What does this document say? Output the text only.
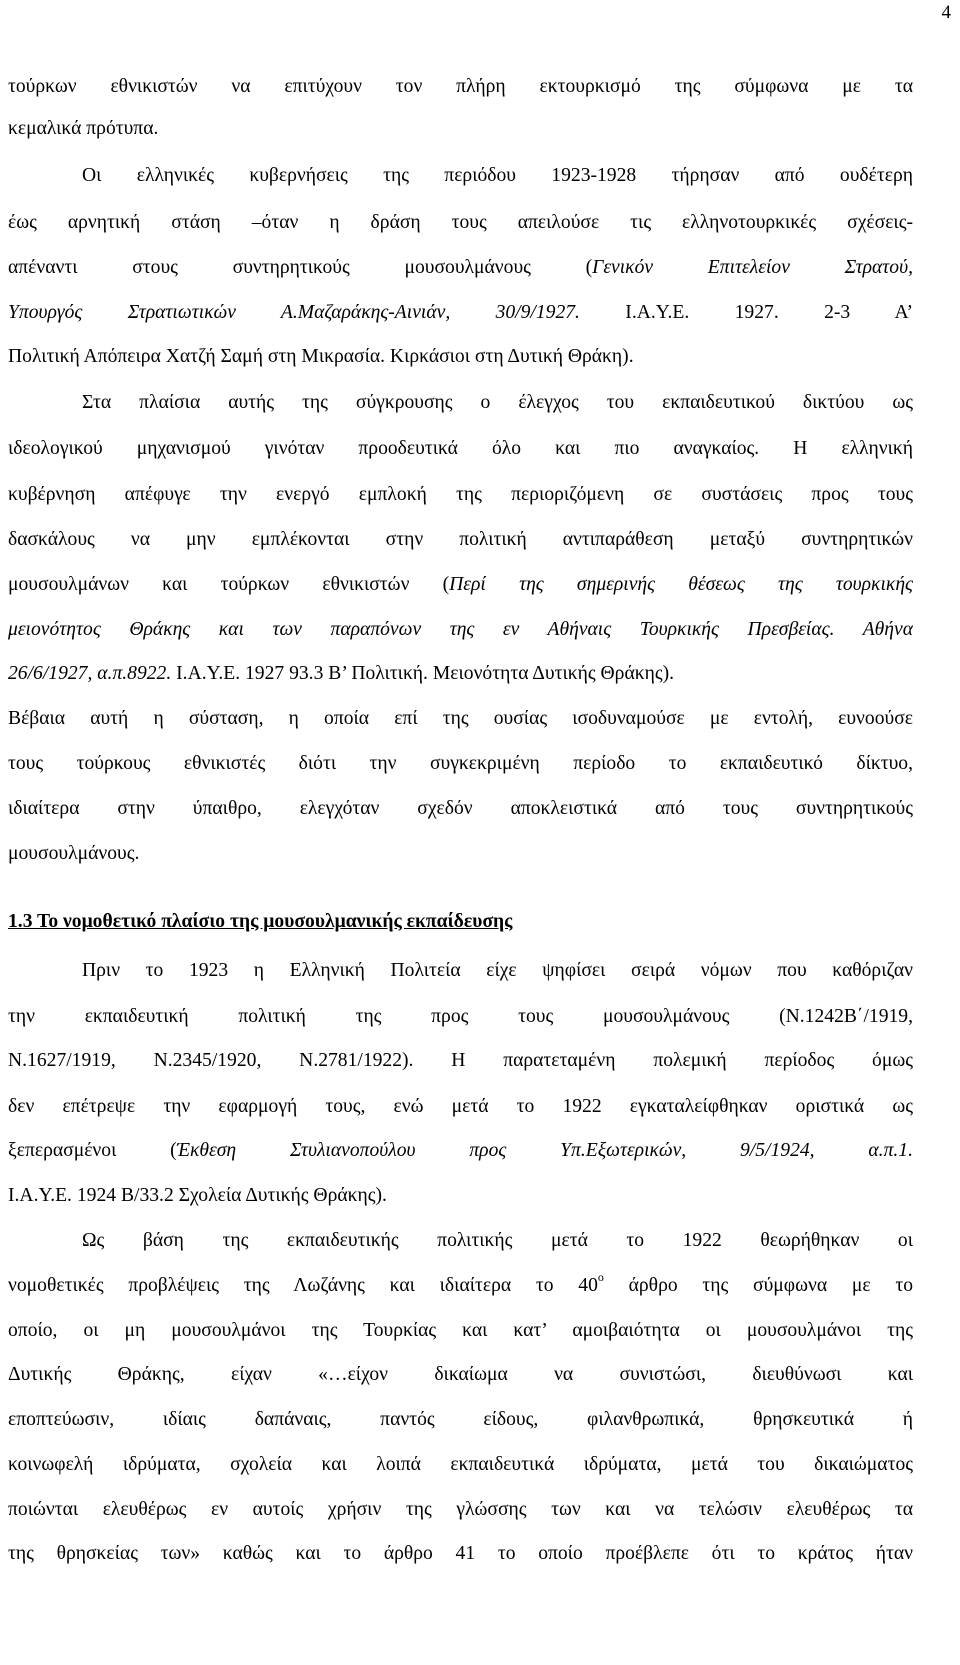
4
τούρκων εθνικιστών να επιτύχουν τον πλήρη εκτουρκισμό της σύμφωνα με τα
κεμαλικά πρότυπα.
Οι ελληνικές κυβερνήσεις της περιόδου 1923-1928 τήρησαν από ουδέτερη
έως αρνητική στάση –όταν η δράση τους απειλούσε τις ελληνοτουρκικές σχέσεις-
απέναντι στους συντηρητικούς μουσουλμάνους (Γενικόν Επιτελείον Στρατού,
Υπουργός Στρατιωτικών Α.Μαζαράκης-Αινιάν, 30/9/1927. Ι.Α.Υ.Ε. 1927. 2-3 Α’
Πολιτική Απόπειρα Χατζή Σαμή στη Μικρασία. Κιρκάσιοι στη Δυτική Θράκη).
Στα πλαίσια αυτής της σύγκρουσης ο έλεγχος του εκπαιδευτικού δικτύου ως
ιδεολογικού μηχανισμού γινόταν προοδευτικά όλο και πιο αναγκαίος. Η ελληνική
κυβέρνηση απέφυγε την ενεργό εμπλοκή της περιοριζόμενη σε συστάσεις προς τους
δασκάλους να μην εμπλέκονται στην πολιτική αντιπαράθεση μεταξύ συντηρητικών
μουσουλμάνων και τούρκων εθνικιστών (Περί της σημερινής θέσεως της τουρκικής
μειονότητος Θράκης και των παραπόνων της εν Αθήναις Τουρκικής Πρεσβείας. Αθήνα
26/6/1927, α.π.8922. Ι.Α.Υ.Ε. 1927 93.3 Β’ Πολιτική. Μειονότητα Δυτικής Θράκης).
Βέβαια αυτή η σύσταση, η οποία επί της ουσίας ισοδυναμούσε με εντολή, ευνοούσε
τους τούρκους εθνικιστές διότι την συγκεκριμένη περίοδο το εκπαιδευτικό δίκτυο,
ιδιαίτερα στην ύπαιθρο, ελεγχόταν σχεδόν αποκλειστικά από τους συντηρητικούς
μουσουλμάνους.
1.3 Το νομοθετικό πλαίσιο της μουσουλμανικής εκπαίδευσης
Πριν το 1923 η Ελληνική Πολιτεία είχε ψηφίσει σειρά νόμων που καθόριζαν
την εκπαιδευτική πολιτική της προς τους μουσουλμάνους (Ν.1242Β΄/1919,
Ν.1627/1919, Ν.2345/1920, Ν.2781/1922). Η παρατεταμένη πολεμική περίοδος όμως
δεν επέτρεψε την εφαρμογή τους, ενώ μετά το 1922 εγκαταλείφθηκαν οριστικά ως
ξεπερασμένοι (Έκθεση Στυλιανοπούλου προς Υπ.Εξωτερικών, 9/5/1924, α.π.1.
Ι.Α.Υ.Ε. 1924 Β/33.2 Σχολεία Δυτικής Θράκης).
Ως βάση της εκπαιδευτικής πολιτικής μετά το 1922 θεωρήθηκαν οι
νομοθετικές προβλέψεις της Λωζάνης και ιδιαίτερα το $40^o$ άρθρο της σύμφωνα με το
οποίο, οι μη μουσουλμάνοι της Τουρκίας και κατ’ αμοιβαιότητα οι μουσουλμάνοι της
Δυτικής Θράκης, είχαν «…είχον δικαίωμα να συνιστώσι, διευθύνωσι και
εποπτεύωσιν, ιδίαις δαπάναις, παντός είδους, φιλανθρωπικά, θρησκευτικά ή
κοινωφελή ιδρύματα, σχολεία και λοιπά εκπαιδευτικά ιδρύματα, μετά του δικαιώματος
ποιώνται ελευθέρως εν αυτοίς χρήσιν της γλώσσης των και να τελώσιν ελευθέρως τα
της θρησκείας των» καθώς και το άρθρο 41 το οποίο προέβλεπε ότι το κράτος ήταν
